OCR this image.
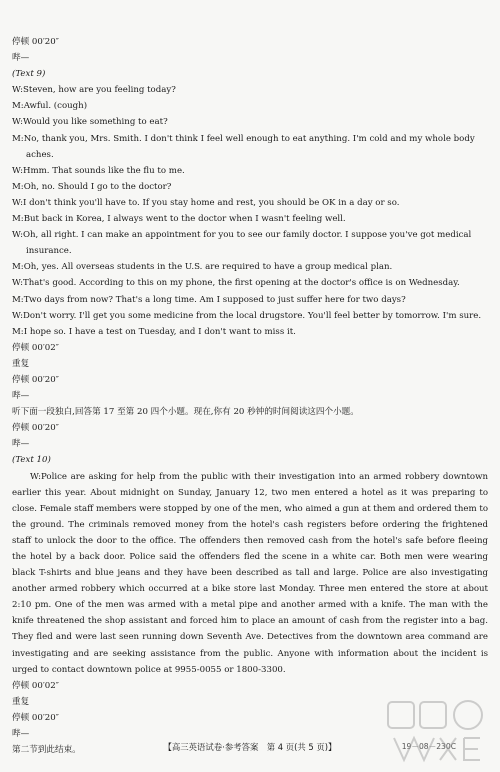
停顿 00′20″
哔—
(Text 9)
W:Steven, how are you feeling today?
M:Awful. (cough)
W:Would you like something to eat?
M:No, thank you, Mrs. Smith. I don't think I feel well enough to eat anything. I'm cold and my whole body
aches.
W:Hmm. That sounds like the flu to me.
M:Oh, no. Should I go to the doctor?
W:I don't think you'll have to. If you stay home and rest, you should be OK in a day or so.
M:But back in Korea, I always went to the doctor when I wasn't feeling well.
W:Oh, all right. I can make an appointment for you to see our family doctor. I suppose you've got medical
insurance.
M:Oh, yes. All overseas students in the U.S. are required to have a group medical plan.
W:That's good. According to this on my phone, the first opening at the doctor's office is on Wednesday.
M:Two days from now? That's a long time. Am I supposed to just suffer here for two days?
W:Don't worry. I'll get you some medicine from the local drugstore. You'll feel better by tomorrow. I'm sure.
M:I hope so. I have a test on Tuesday, and I don't want to miss it.
停顿 00′02″
重复
停顿 00′20″
哔—
听下面一段独白,回答第 17 至第 20 四个小题。现在,你有 20 秒钟的时间阅读这四个小题。
停顿 00′20″
哔—
(Text 10)
W:Police are asking for help from the public with their investigation into an armed robbery downtown earlier this year. About midnight on Sunday, January 12, two men entered a hotel as it was preparing to close. Female staff members were stopped by one of the men, who aimed a gun at them and ordered them to the ground. The criminals removed money from the hotel's cash registers before ordering the frightened staff to unlock the door to the office. The offenders then removed cash from the hotel's safe before fleeing the hotel by a back door. Police said the offenders fled the scene in a white car. Both men were wearing black T-shirts and blue jeans and they have been described as tall and large. Police are also investigating another armed robbery which occurred at a bike store last Monday. Three men entered the store at about 2:10 pm. One of the men was armed with a metal pipe and another armed with a knife. The man with the knife threatened the shop assistant and forced him to place an amount of cash from the register into a bag. They fled and were last seen running down Seventh Ave. Detectives from the downtown area command are investigating and are seeking assistance from the public. Anyone with information about the incident is urged to contact downtown police at 9955-0055 or 1800-3300.
停顿 00′02″
重复
停顿 00′20″
哔—
第二节到此结束。	【高三英语试卷·参考答案　第 4 页(共 5 页)】	19－08－230C
